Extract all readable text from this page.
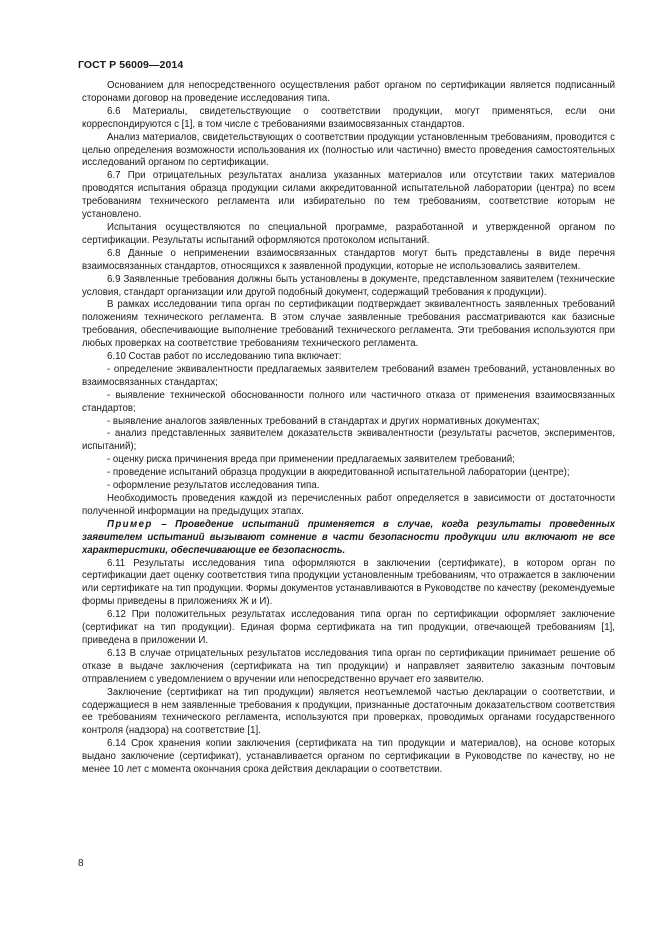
ГОСТ Р 56009—2014

Основанием для непосредственного осуществления работ органом по сертификации является подписанный сторонами договор на проведение исследования типа.

6.6 Материалы, свидетельствующие о соответствии продукции, могут применяться, если они корреспондируются с [1], в том числе с требованиями взаимосвязанных стандартов.

Анализ материалов, свидетельствующих о соответствии продукции установленным требованиям, проводится с целью определения возможности использования их (полностью или частично) вместо проведения самостоятельных исследований органом по сертификации.

6.7 При отрицательных результатах анализа указанных материалов или отсутствии таких материалов проводятся испытания образца продукции силами аккредитованной испытательной лаборатории (центра) по всем требованиям технического регламента или избирательно по тем требованиям, соответствие которым не установлено.

Испытания осуществляются по специальной программе, разработанной и утвержденной органом по сертификации. Результаты испытаний оформляются протоколом испытаний.

6.8 Данные о неприменении взаимосвязанных стандартов могут быть представлены в виде перечня взаимосвязанных стандартов, относящихся к заявленной продукции, которые не использовались заявителем.

6.9 Заявленные требования должны быть установлены в документе, представленном заявителем (технические условия, стандарт организации или другой подобный документ, содержащий требования к продукции).

В рамках исследовании типа орган по сертификации подтверждает эквивалентность заявленных требований положениям технического регламента. В этом случае заявленные требования рассматриваются как базисные требования, обеспечивающие выполнение требований технического регламента. Эти требования используются при любых проверках на соответствие требованиям технического регламента.

6.10 Состав работ по исследованию типа включает:

- определение эквивалентности предлагаемых заявителем требований взамен требований, установленных во взаимосвязанных стандартах;

- выявление технической обоснованности полного или частичного отказа от применения взаимосвязанных стандартов;

- выявление аналогов заявленных требований в стандартах и других нормативных документах;

- анализ представленных заявителем доказательств эквивалентности (результаты расчетов, экспериментов, испытаний);

- оценку риска причинения вреда при применении предлагаемых заявителем требований;

- проведение испытаний образца продукции в аккредитованной испытательной лаборатории (центре);

- оформление результатов исследования типа.

Необходимость проведения каждой из перечисленных работ определяется в зависимости от достаточности полученной информации на предыдущих этапах.

Пример – Проведение испытаний применяется в случае, когда результаты проведенных заявителем испытаний вызывают сомнение в части безопасности продукции или включают не все характеристики, обеспечивающие ее безопасность.

6.11 Результаты исследования типа оформляются в заключении (сертификате), в котором орган по сертификации дает оценку соответствия типа продукции установленным требованиям, что отражается в заключении или сертификате на тип продукции. Формы документов устанавливаются в Руководстве по качеству (рекомендуемые формы приведены в приложениях Ж и И).

6.12 При положительных результатах исследования типа орган по сертификации оформляет заключение (сертификат на тип продукции). Единая форма сертификата на тип продукции, отвечающей требованиям [1], приведена в приложении И.

6.13 В случае отрицательных результатов исследования типа орган по сертификации принимает решение об отказе в выдаче заключения (сертификата на тип продукции) и направляет заявителю заказным почтовым отправлением с уведомлением о вручении или непосредственно вручает его заявителю.

Заключение (сертификат на тип продукции) является неотъемлемой частью декларации о соответствии, и содержащиеся в нем заявленные требования к продукции, признанные достаточным доказательством соответствия ее требованиям технического регламента, используются при проверках, проводимых органами государственного контроля (надзора) на соответствие [1].

6.14 Срок хранения копии заключения (сертификата на тип продукции и материалов), на основе которых выдано заключение (сертификат), устанавливается органом по сертификации в Руководстве по качеству, но не менее 10 лет с момента окончания срока действия декларации о соответствии.

8
